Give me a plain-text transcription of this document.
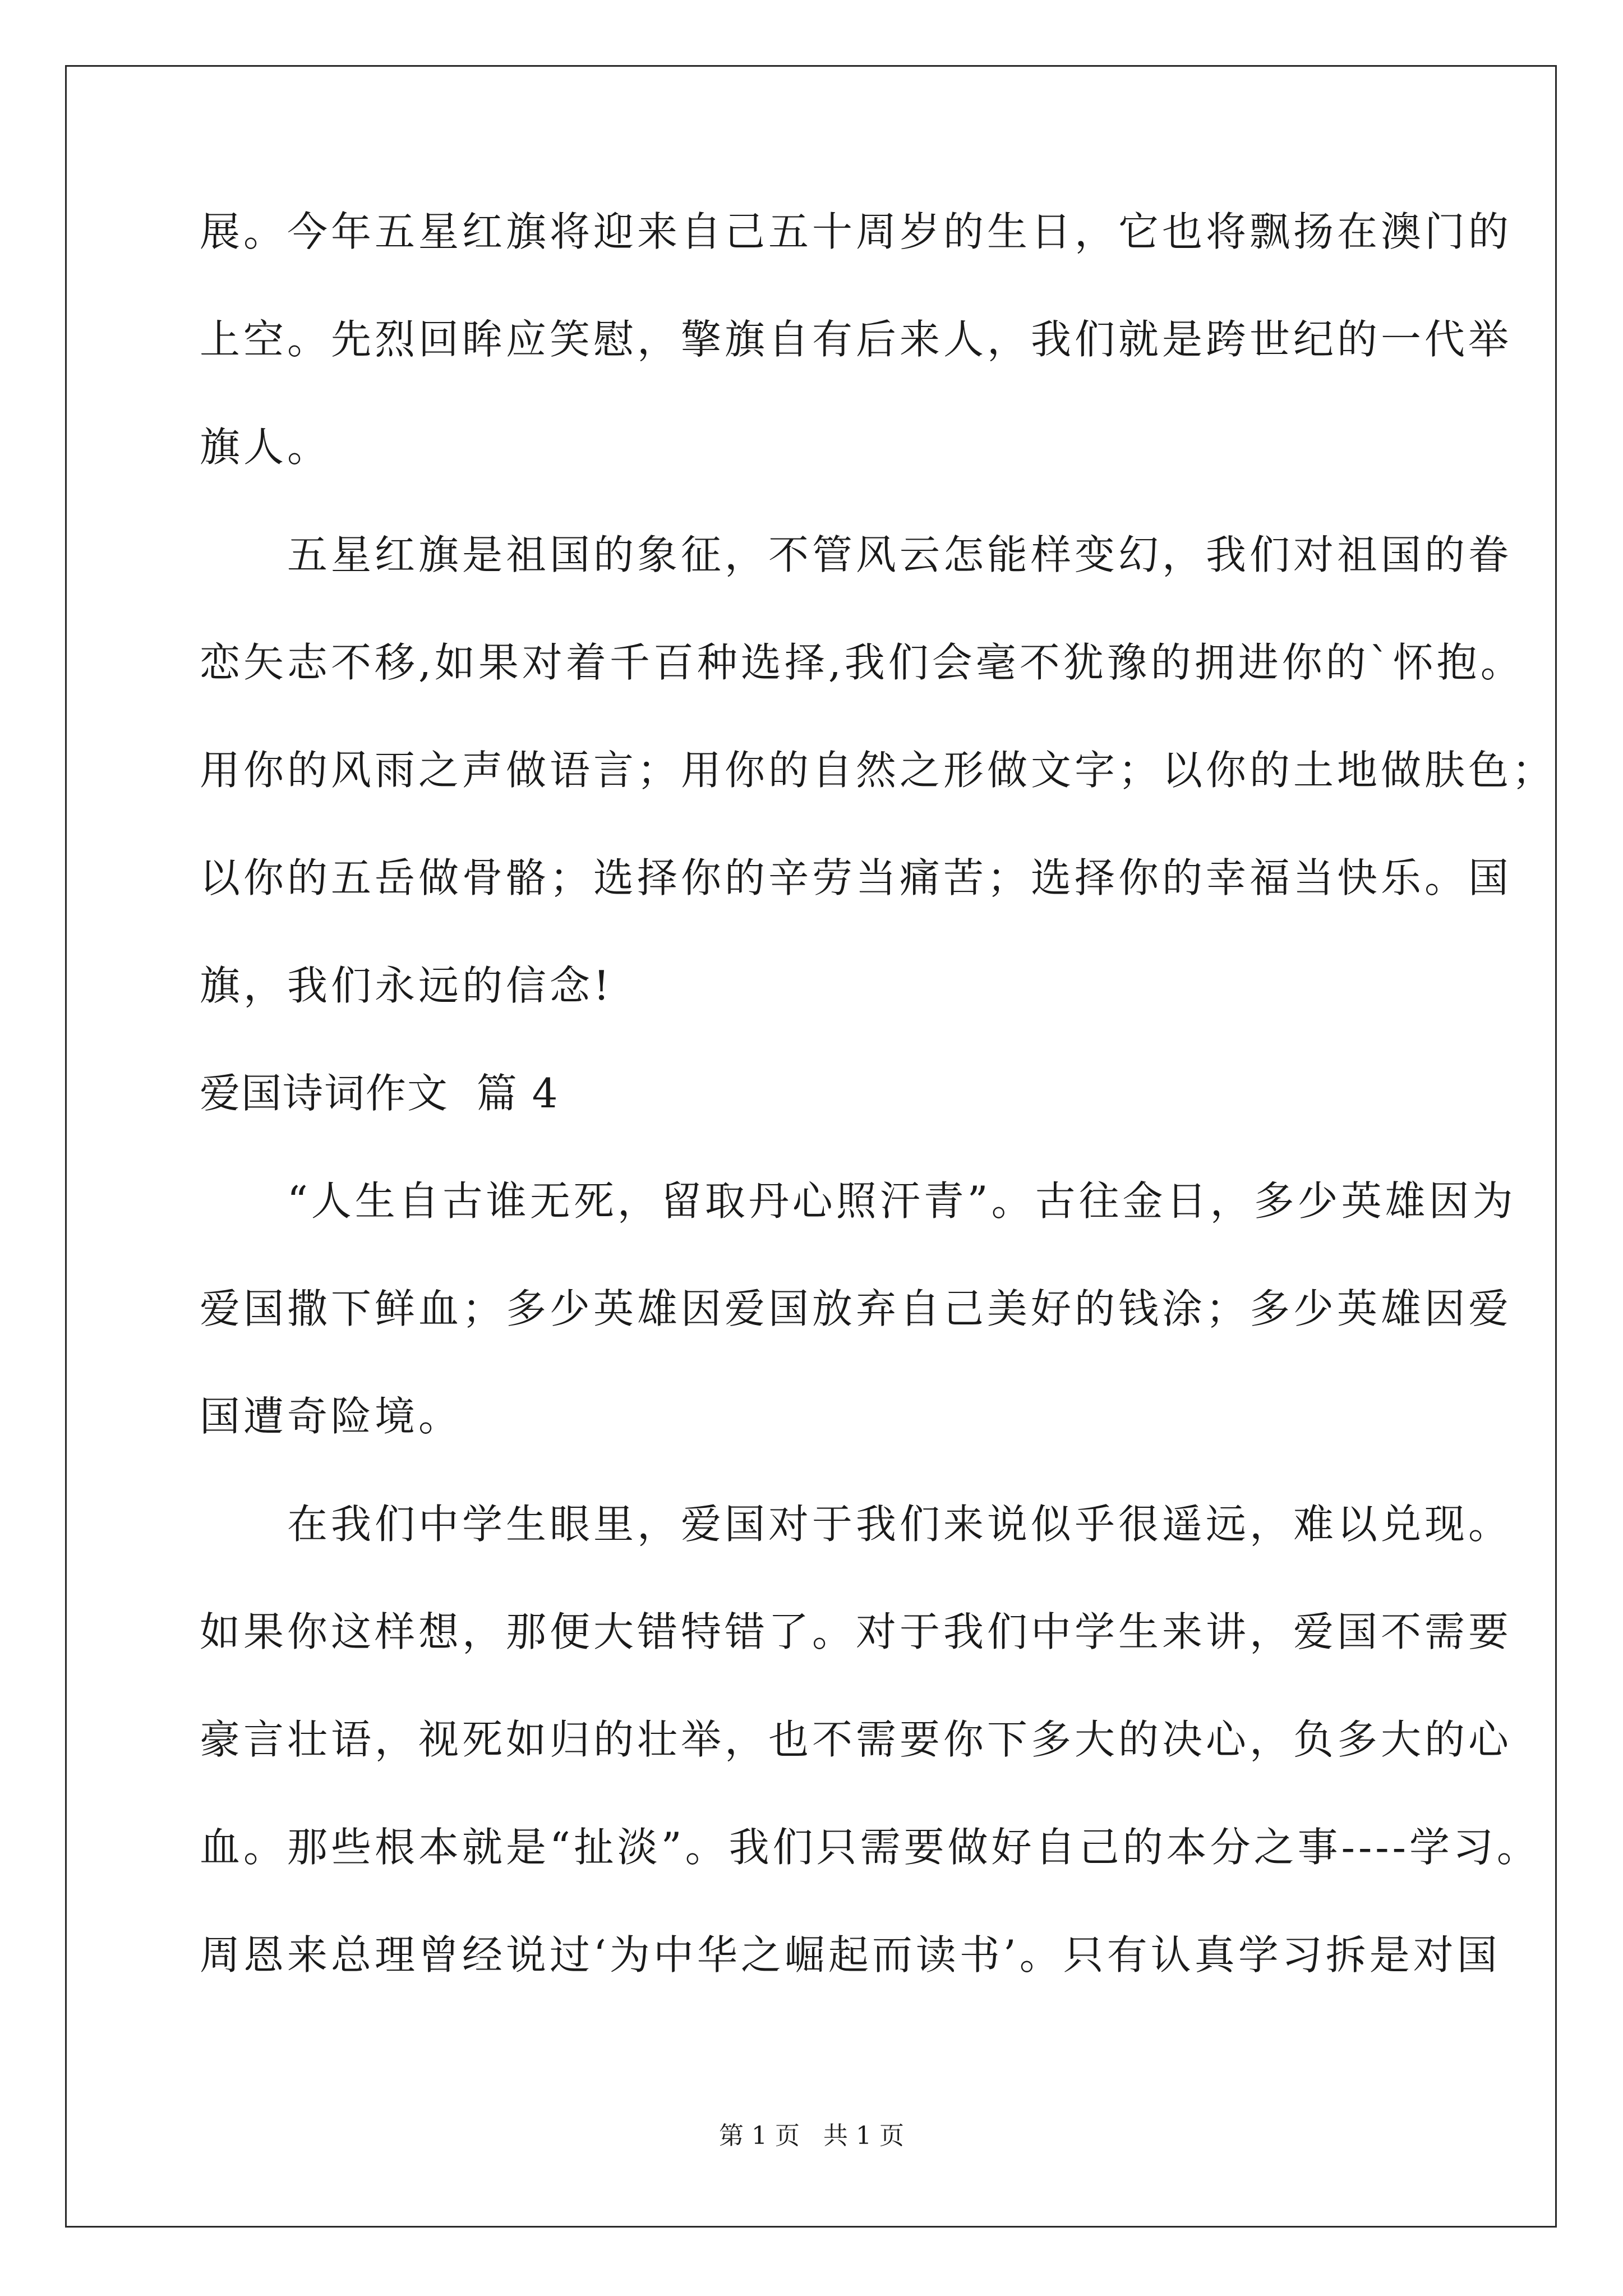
展。今年五星红旗将迎来自己五十周岁的生日，它也将飘扬在澳门的
上空。先烈回眸应笑慰，擎旗自有后来人，我们就是跨世纪的一代举
旗人。
　　五星红旗是祖国的象征，不管风云怎能样变幻，我们对祖国的眷
恋矢志不移,如果对着千百种选择,我们会毫不犹豫的拥进你的`怀抱。
用你的风雨之声做语言；用你的自然之形做文字；以你的土地做肤色；
以你的五岳做骨骼；选择你的辛劳当痛苦；选择你的幸福当快乐。国
旗，我们永远的信念!
爱国诗词作文  篇 4
　　“人生自古谁无死，留取丹心照汗青”。古往金日，多少英雄因为
爱国撒下鲜血；多少英雄因爱国放弃自己美好的钱涂；多少英雄因爱
国遭奇险境。
　　在我们中学生眼里，爱国对于我们来说似乎很遥远，难以兑现。
如果你这样想，那便大错特错了。对于我们中学生来讲，爱国不需要
豪言壮语，视死如归的壮举，也不需要你下多大的决心，负多大的心
血。那些根本就是“扯淡”。我们只需要做好自己的本分之事----学习。
周恩来总理曾经说过‘为中华之崛起而读书’。只有认真学习拆是对国
第 1 页   共 1 页
